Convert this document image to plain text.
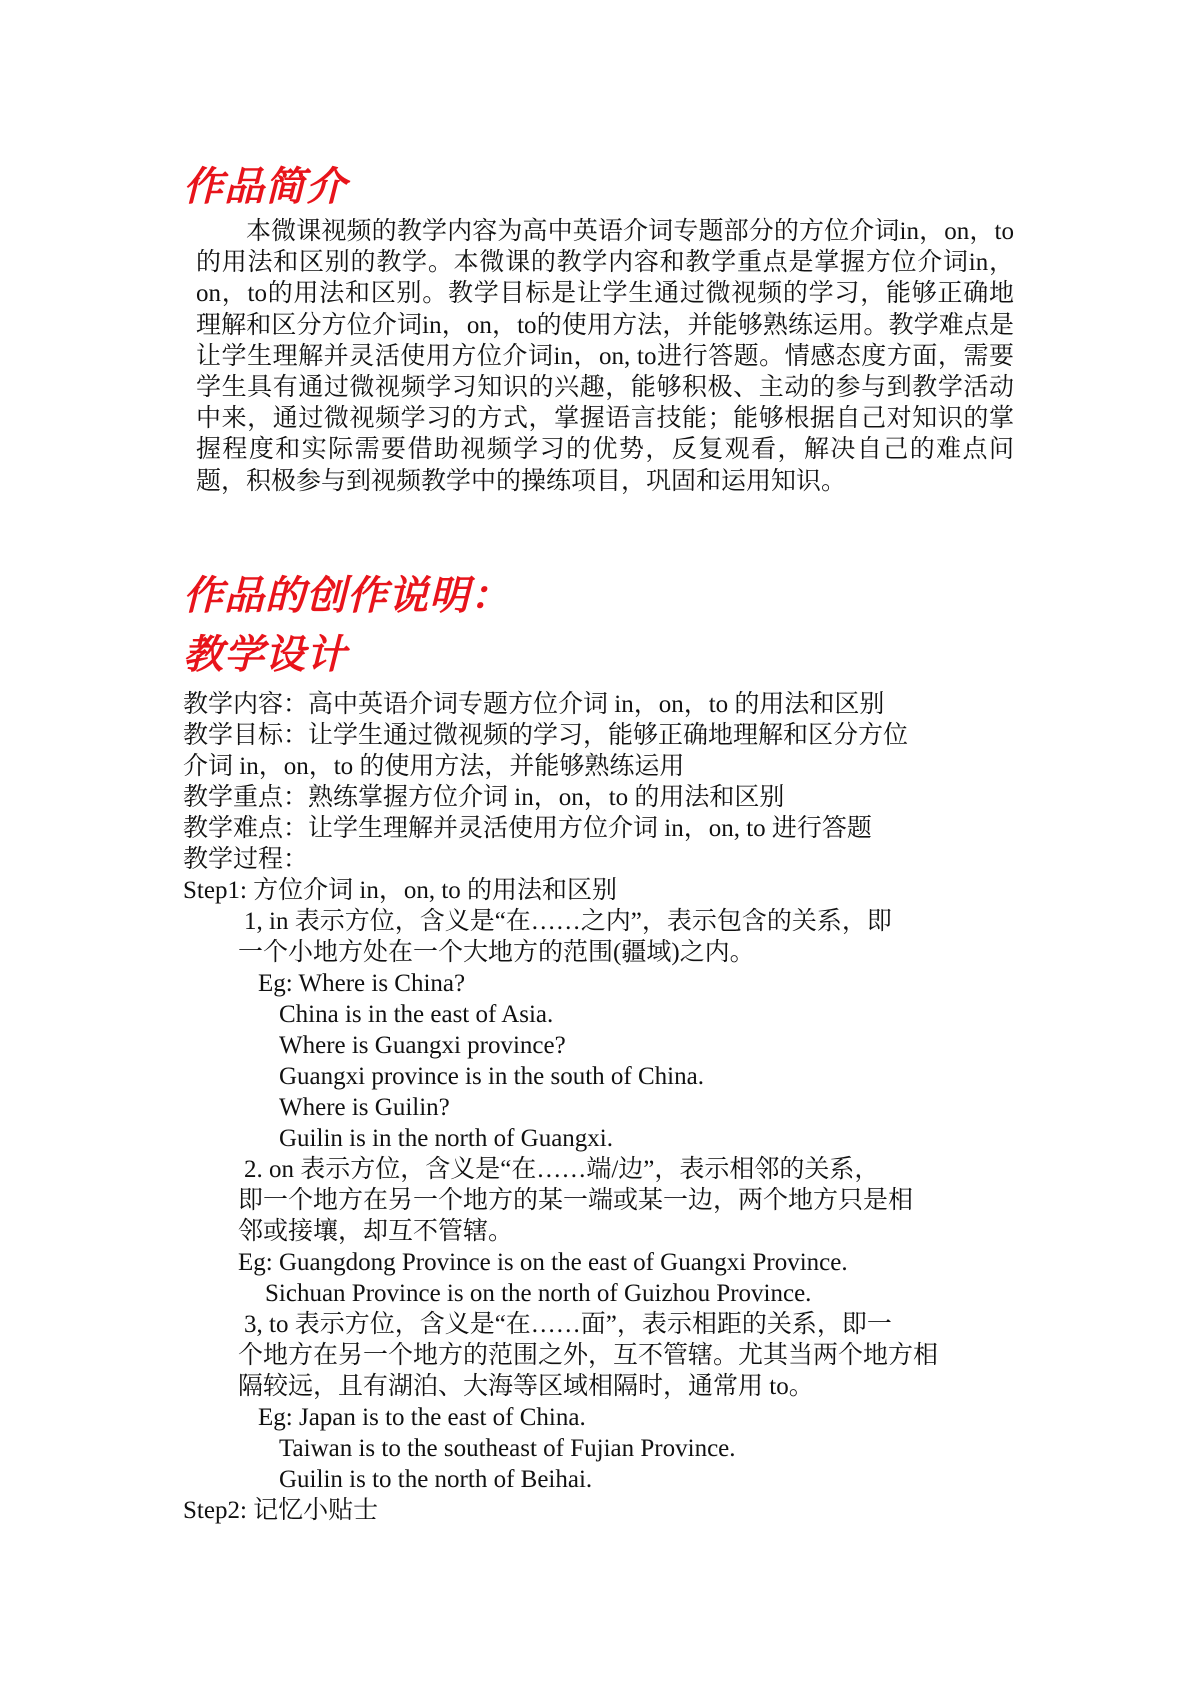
作品简介

本微课视频的教学内容为高中英语介词专题部分的方位介词in，on，to的用法和区别的教学。本微课的教学内容和教学重点是掌握方位介词in，on，to的用法和区别。教学目标是让学生通过微视频的学习，能够正确地理解和区分方位介词in，on，to的使用方法，并能够熟练运用。教学难点是让学生理解并灵活使用方位介词in，on, to进行答题。情感态度方面，需要学生具有通过微视频学习知识的兴趣，能够积极、主动的参与到教学活动中来，通过微视频学习的方式，掌握语言技能；能够根据自己对知识的掌握程度和实际需要借助视频学习的优势，反复观看，解决自己的难点问题，积极参与到视频教学中的操练项目，巩固和运用知识。

作品的创作说明：
教学设计
教学内容：高中英语介词专题方位介词 in，on，to 的用法和区别
教学目标：让学生通过微视频的学习，能够正确地理解和区分方位
介词 in，on，to 的使用方法，并能够熟练运用
教学重点：熟练掌握方位介词 in，on，to 的用法和区别
教学难点：让学生理解并灵活使用方位介词 in，on, to 进行答题
教学过程：
Step1: 方位介词 in，on, to 的用法和区别
1, in 表示方位，含义是“在……之内”，表示包含的关系，即
一个小地方处在一个大地方的范围(疆域)之内。
Eg: Where is China?
China is in the east of Asia.
Where is Guangxi province?
Guangxi province is in the south of China.
Where is Guilin?
Guilin is in the north of Guangxi.
2. on 表示方位，含义是“在……端/边”，表示相邻的关系，
即一个地方在另一个地方的某一端或某一边，两个地方只是相
邻或接壤，却互不管辖。
Eg: Guangdong Province is on the east of Guangxi Province.
Sichuan Province is on the north of Guizhou Province.
3, to 表示方位，含义是“在……面”，表示相距的关系，即一
个地方在另一个地方的范围之外，互不管辖。尤其当两个地方相
隔较远，且有湖泊、大海等区域相隔时，通常用 to。
Eg: Japan is to the east of China.
Taiwan is to the southeast of Fujian Province.
Guilin is to the north of Beihai.
Step2: 记忆小贴士
